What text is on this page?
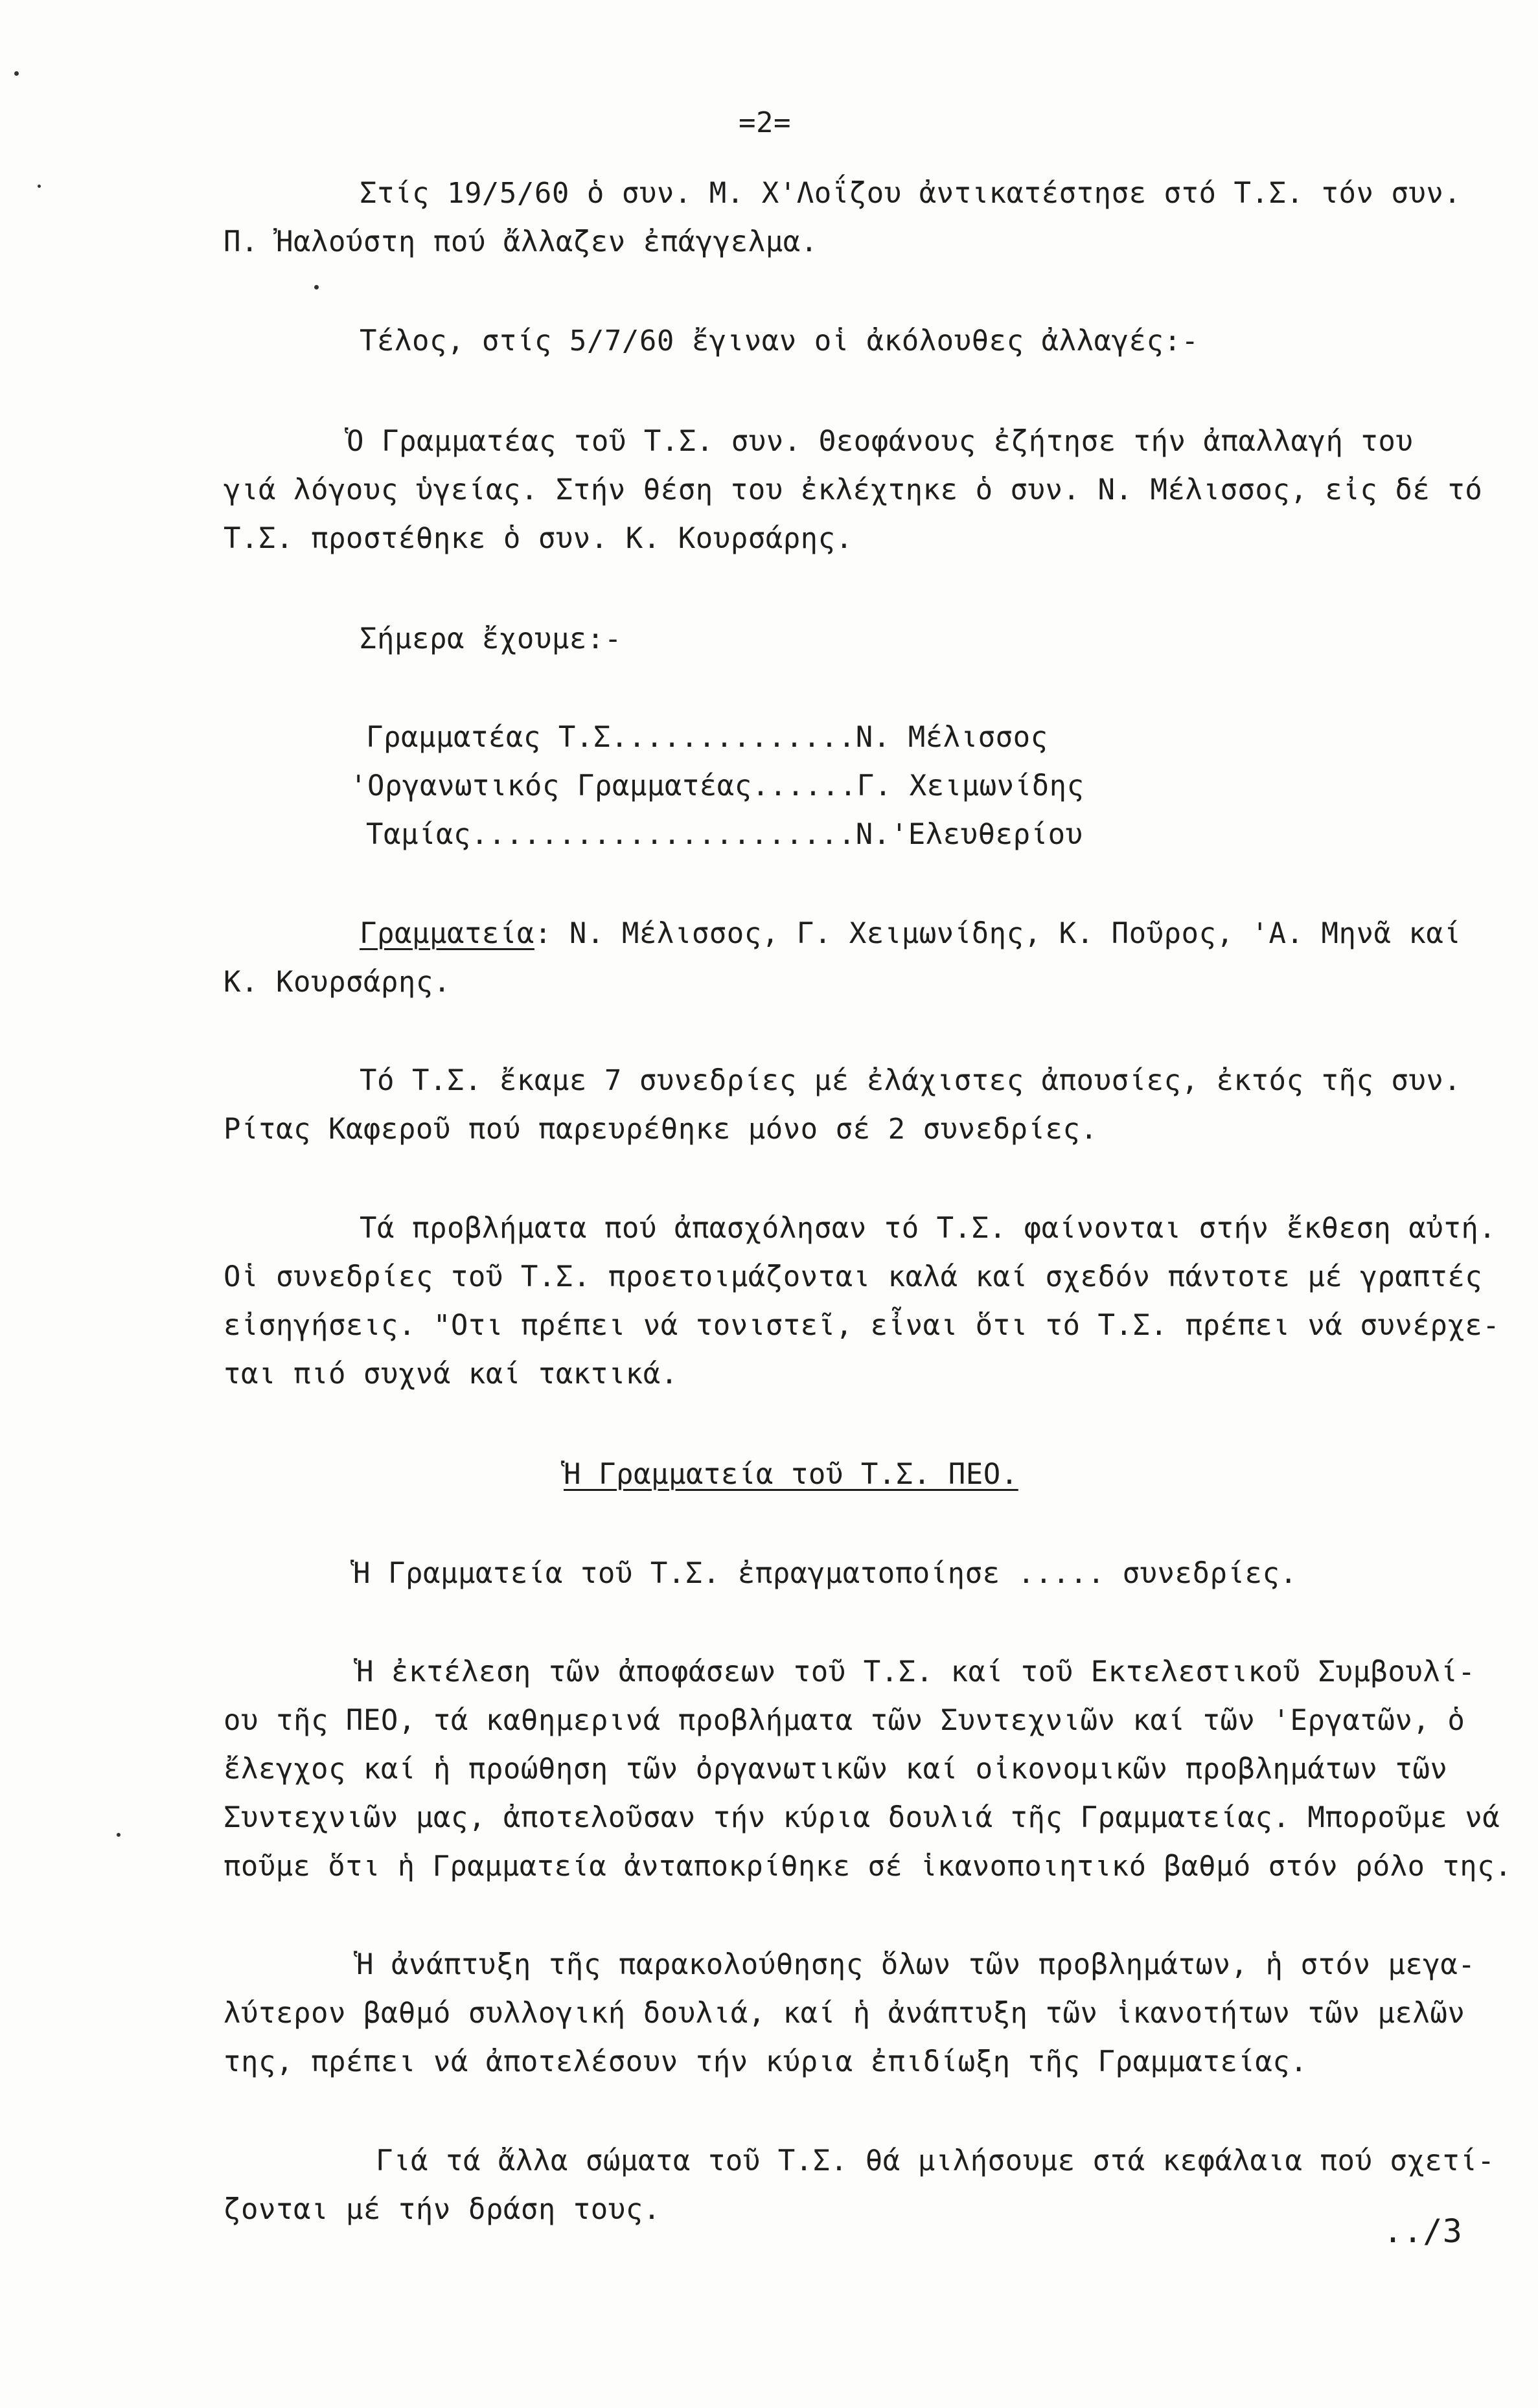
=2=
Στίς 19/5/60 ὁ συν. Μ. Χ'Λοΐζου ἀντικατέστησε στό Τ.Σ. τόν συν.
Π. Ἠαλούστη πού ἄλλαζεν ἐπάγγελμα.
Τέλος, στίς 5/7/60 ἔγιναν οἱ ἀκόλουθες ἀλλαγές:-
Ὁ Γραμματέας τοῦ Τ.Σ. συν. Θεοφάνους ἐζήτησε τήν ἀπαλλαγή του
γιά λόγους ὑγείας. Στήν θέση του ἐκλέχτηκε ὁ συν. Ν. Μέλισσος, εἰς δέ τό
Τ.Σ. προστέθηκε ὁ συν. Κ. Κουρσάρης.
Σήμερα ἔχουμε:-
Γραμματέας Τ.Σ..............Ν. Μέλισσος
'Οργανωτικός Γραμματέας......Γ. Χειμωνίδης
Ταμίας......................Ν.'Ελευθερίου
Γραμματεία: Ν. Μέλισσος, Γ. Χειμωνίδης, Κ. Ποῦρος, 'Α. Μηνᾶ καί
Κ. Κουρσάρης.
Τό Τ.Σ. ἔκαμε 7 συνεδρίες μέ ἐλάχιστες ἀπουσίες, ἐκτός τῆς συν.
Ρίτας Καφεροῦ πού παρευρέθηκε μόνο σέ 2 συνεδρίες.
Τά προβλήματα πού ἀπασχόλησαν τό Τ.Σ. φαίνονται στήν ἔκθεση αὐτή.
Οἱ συνεδρίες τοῦ Τ.Σ. προετοιμάζονται καλά καί σχεδόν πάντοτε μέ γραπτές
εἰσηγήσεις. "Οτι πρέπει νά τονιστεῖ, εἶναι ὅτι τό Τ.Σ. πρέπει νά συνέρχε-
ται πιό συχνά καί τακτικά.
Ἡ Γραμματεία τοῦ Τ.Σ. ΠΕΟ.
Ἡ Γραμματεία τοῦ Τ.Σ. ἐπραγματοποίησε ..... συνεδρίες.
Ἡ ἐκτέλεση τῶν ἀποφάσεων τοῦ Τ.Σ. καί τοῦ Εκτελεστικοῦ Συμβουλί-
ου τῆς ΠΕΟ, τά καθημερινά προβλήματα τῶν Συντεχνιῶν καί τῶν 'Εργατῶν, ὁ
ἔλεγχος καί ἡ προώθηση τῶν ὀργανωτικῶν καί οἰκονομικῶν προβλημάτων τῶν
Συντεχνιῶν μας, ἀποτελοῦσαν τήν κύρια δουλιά τῆς Γραμματείας. Μποροῦμε νά
ποῦμε ὅτι ἡ Γραμματεία ἀνταποκρίθηκε σέ ἱκανοποιητικό βαθμό στόν ρόλο της.
Ἡ ἀνάπτυξη τῆς παρακολούθησης ὅλων τῶν προβλημάτων, ἡ στόν μεγα-
λύτερον βαθμό συλλογική δουλιά, καί ἡ ἀνάπτυξη τῶν ἱκανοτήτων τῶν μελῶν
της, πρέπει νά ἀποτελέσουν τήν κύρια ἐπιδίωξη τῆς Γραμματείας.
Γιά τά ἄλλα σώματα τοῦ Τ.Σ. θά μιλήσουμε στά κεφάλαια πού σχετί-
ζονται μέ τήν δράση τους.
../3
